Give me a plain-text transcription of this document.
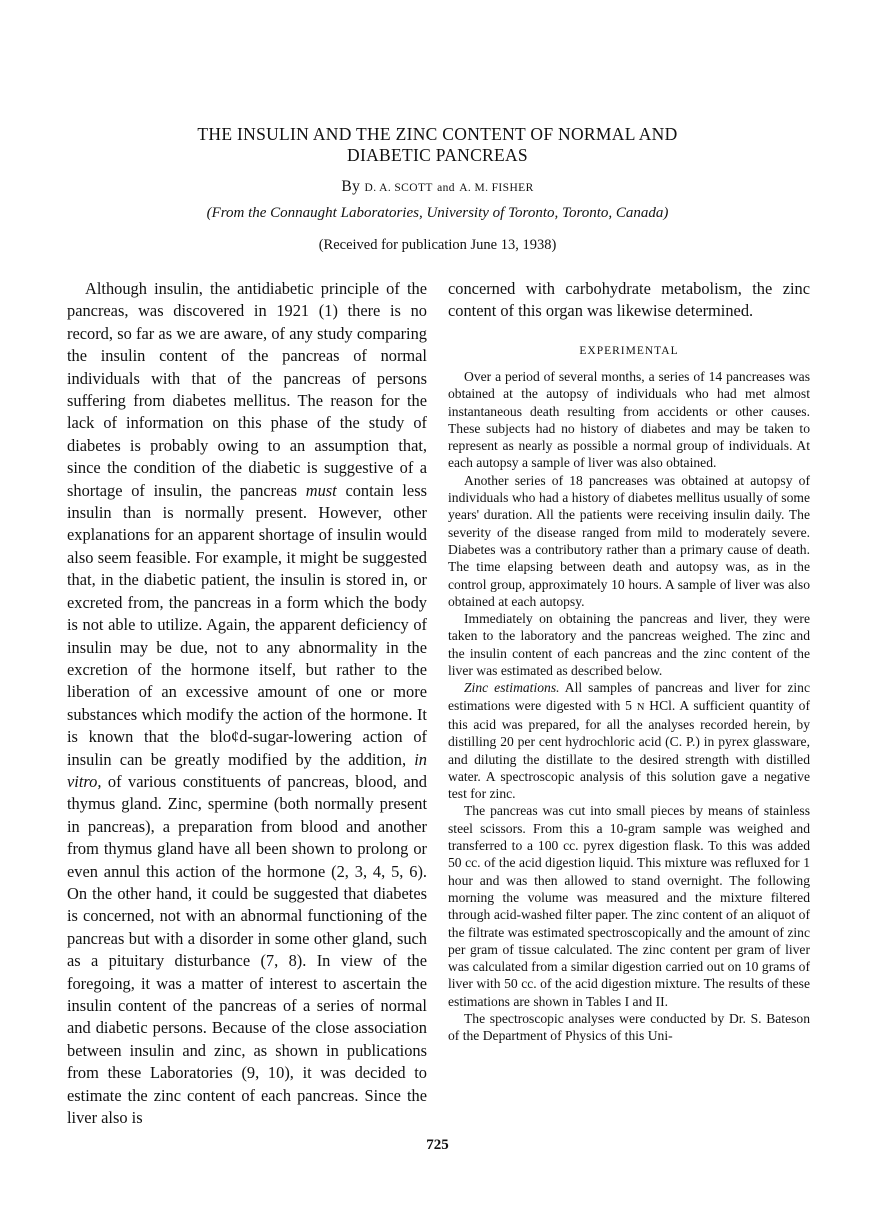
THE INSULIN AND THE ZINC CONTENT OF NORMAL AND
DIABETIC PANCREAS
By D. A. SCOTT and A. M. FISHER
(From the Connaught Laboratories, University of Toronto, Toronto, Canada)
(Received for publication June 13, 1938)

Although insulin, the antidiabetic principle of the pancreas, was discovered in 1921 (1) there is no record, so far as we are aware, of any study comparing the insulin content of the pancreas of normal individuals with that of the pancreas of persons suffering from diabetes mellitus. The reason for the lack of information on this phase of the study of diabetes is probably owing to an assumption that, since the condition of the diabetic is suggestive of a shortage of insulin, the pancreas must contain less insulin than is normally present. However, other explanations for an apparent shortage of insulin would also seem feasible. For example, it might be suggested that, in the diabetic patient, the insulin is stored in, or excreted from, the pancreas in a form which the body is not able to utilize. Again, the apparent deficiency of insulin may be due, not to any abnormality in the excretion of the hormone itself, but rather to the liberation of an excessive amount of one or more substances which modify the action of the hormone. It is known that the blo¢d-sugar-lowering action of insulin can be greatly modified by the addition, in vitro, of various constituents of pancreas, blood, and thymus gland. Zinc, spermine (both normally present in pancreas), a preparation from blood and another from thymus gland have all been shown to prolong or even annul this action of the hormone (2, 3, 4, 5, 6). On the other hand, it could be suggested that diabetes is concerned, not with an abnormal functioning of the pancreas but with a disorder in some other gland, such as a pituitary disturbance (7, 8). In view of the foregoing, it was a matter of interest to ascertain the insulin content of the pancreas of a series of normal and diabetic persons. Because of the close association between insulin and zinc, as shown in publications from these Laboratories (9, 10), it was decided to estimate the zinc content of each pancreas. Since the liver also is

concerned with carbohydrate metabolism, the zinc content of this organ was likewise determined.

EXPERIMENTAL

Over a period of several months, a series of 14 pancreases was obtained at the autopsy of individuals who had met almost instantaneous death resulting from accidents or other causes. These subjects had no history of diabetes and may be taken to represent as nearly as possible a normal group of individuals. At each autopsy a sample of liver was also obtained.

Another series of 18 pancreases was obtained at autopsy of individuals who had a history of diabetes mellitus usually of some years' duration. All the patients were receiving insulin daily. The severity of the disease ranged from mild to moderately severe. Diabetes was a contributory rather than a primary cause of death. The time elapsing between death and autopsy was, as in the control group, approximately 10 hours. A sample of liver was also obtained at each autopsy.

Immediately on obtaining the pancreas and liver, they were taken to the laboratory and the pancreas weighed. The zinc and the insulin content of each pancreas and the zinc content of the liver was estimated as described below.

Zinc estimations. All samples of pancreas and liver for zinc estimations were digested with 5 N HCl. A sufficient quantity of this acid was prepared, for all the analyses recorded herein, by distilling 20 per cent hydrochloric acid (C. P.) in pyrex glassware, and diluting the distillate to the desired strength with distilled water. A spectroscopic analysis of this solution gave a negative test for zinc.

The pancreas was cut into small pieces by means of stainless steel scissors. From this a 10-gram sample was weighed and transferred to a 100 cc. pyrex digestion flask. To this was added 50 cc. of the acid digestion liquid. This mixture was refluxed for 1 hour and was then allowed to stand overnight. The following morning the volume was measured and the mixture filtered through acid-washed filter paper. The zinc content of an aliquot of the filtrate was estimated spectroscopically and the amount of zinc per gram of tissue calculated. The zinc content per gram of liver was calculated from a similar digestion carried out on 10 grams of liver with 50 cc. of the acid digestion mixture. The results of these estimations are shown in Tables I and II.

The spectroscopic analyses were conducted by Dr. S. Bateson of the Department of Physics of this Uni-

725
